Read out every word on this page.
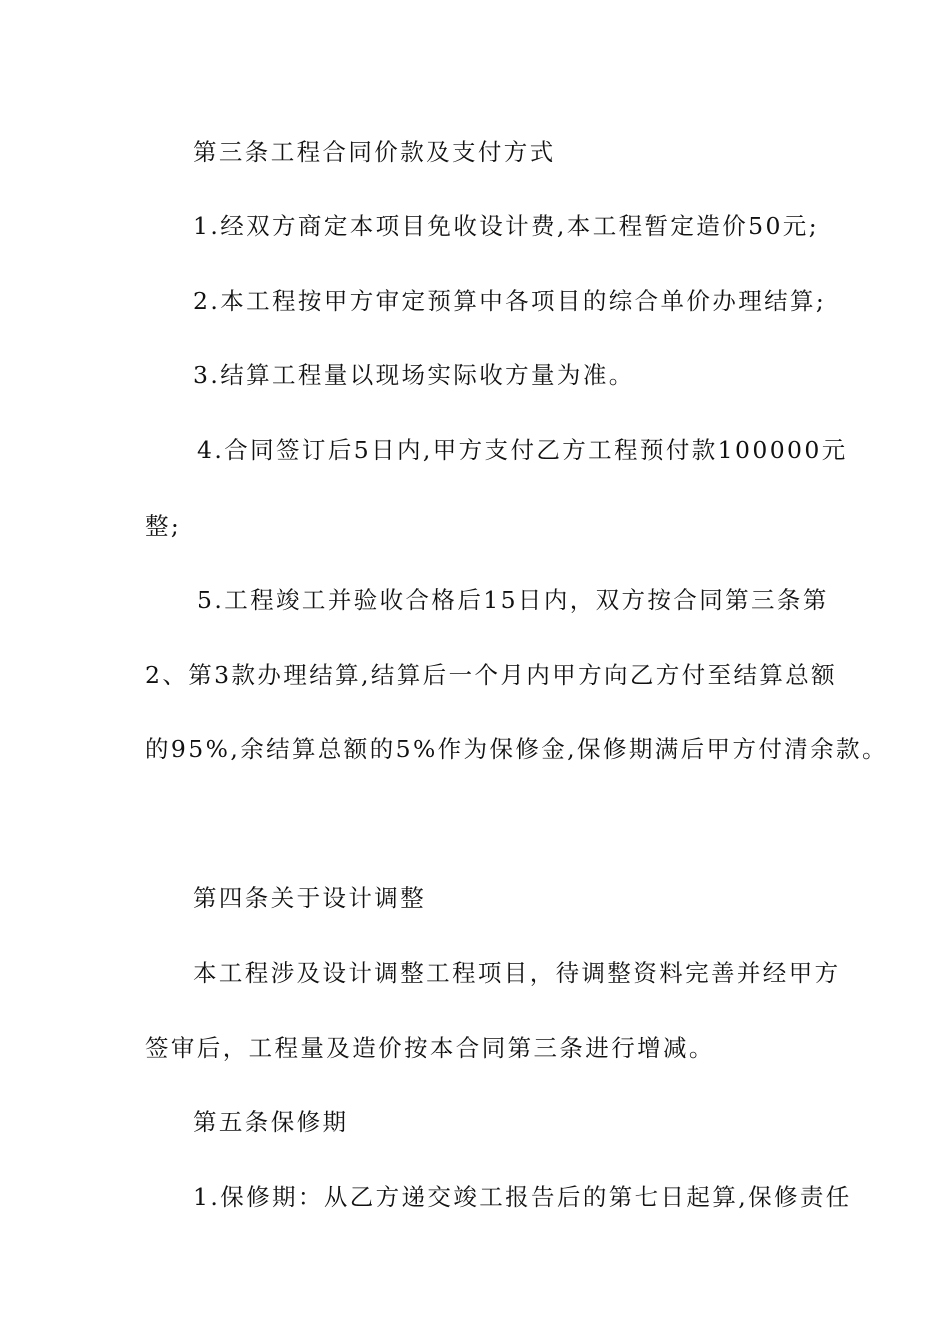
第三条工程合同价款及支付方式
1.经双方商定本项目免收设计费,本工程暂定造价50元;
2.本工程按甲方审定预算中各项目的综合单价办理结算;
3.结算工程量以现场实际收方量为准。
4.合同签订后5日内,甲方支付乙方工程预付款100000元
整;
5.工程竣工并验收合格后15日内，双方按合同第三条第
2、第3款办理结算,结算后一个月内甲方向乙方付至结算总额
的95%,余结算总额的5%作为保修金,保修期满后甲方付清余款。
第四条关于设计调整
本工程涉及设计调整工程项目，待调整资料完善并经甲方
签审后，工程量及造价按本合同第三条进行增减。
第五条保修期
1.保修期：从乙方递交竣工报告后的第七日起算,保修责任
